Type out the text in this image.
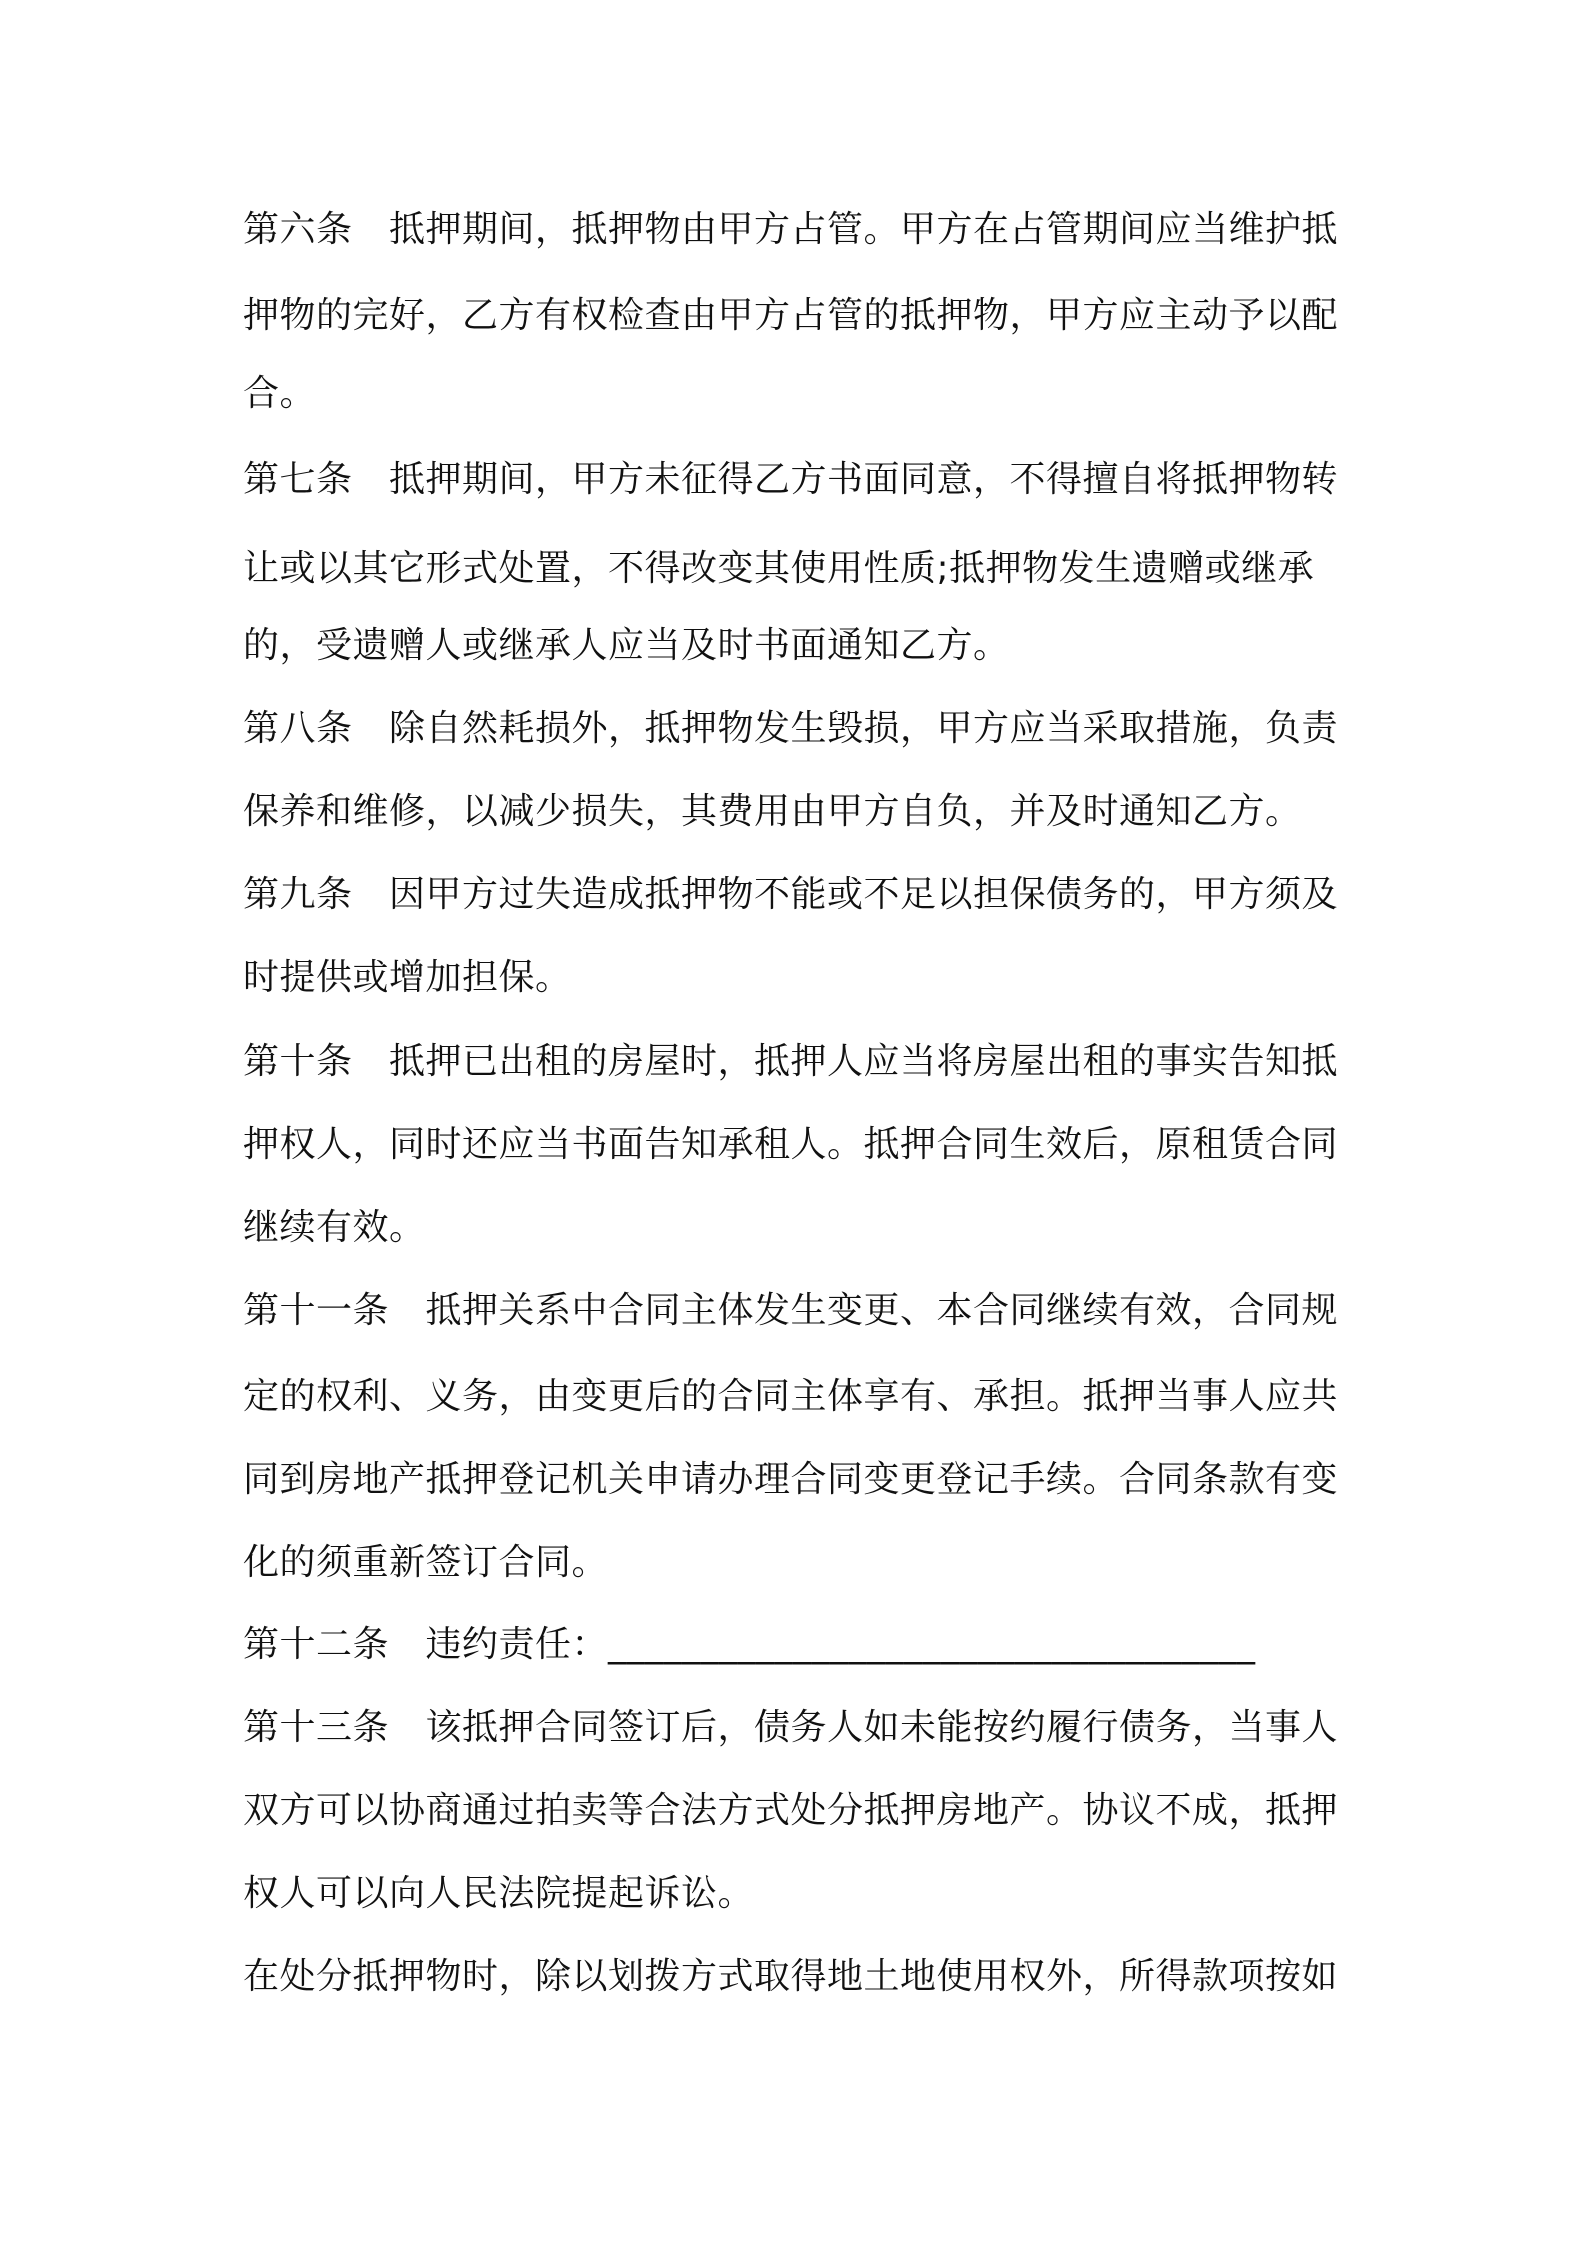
第六条　抵押期间，抵押物由甲方占管。甲方在占管期间应当维护抵
押物的完好，乙方有权检查由甲方占管的抵押物，甲方应主动予以配
合。
第七条　抵押期间，甲方未征得乙方书面同意，不得擅自将抵押物转
让或以其它形式处置，不得改变其使用性质;抵押物发生遗赠或继承
的，受遗赠人或继承人应当及时书面通知乙方。
第八条　除自然耗损外，抵押物发生毁损，甲方应当采取措施，负责
保养和维修，以减少损失，其费用由甲方自负，并及时通知乙方。
第九条　因甲方过失造成抵押物不能或不足以担保债务的，甲方须及
时提供或增加担保。
第十条　抵押已出租的房屋时，抵押人应当将房屋出租的事实告知抵
押权人，同时还应当书面告知承租人。抵押合同生效后，原租赁合同
继续有效。
第十一条　抵押关系中合同主体发生变更、本合同继续有效，合同规
定的权利、义务，由变更后的合同主体享有、承担。抵押当事人应共
同到房地产抵押登记机关申请办理合同变更登记手续。合同条款有变
化的须重新签订合同。
第十二条　违约责任：___________________________________
第十三条　该抵押合同签订后，债务人如未能按约履行债务，当事人
双方可以协商通过拍卖等合法方式处分抵押房地产。协议不成，抵押
权人可以向人民法院提起诉讼。
在处分抵押物时，除以划拨方式取得地土地使用权外，所得款项按如
